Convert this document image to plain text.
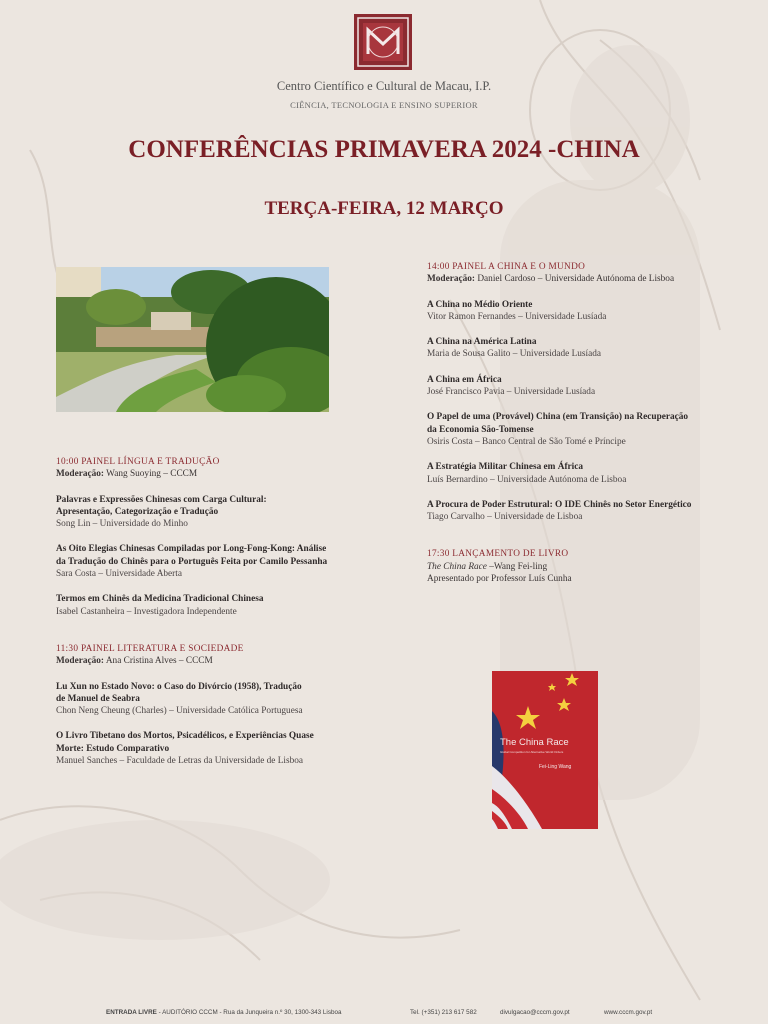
Centro Científico e Cultural de Macau, I.P.
CIÊNCIA, TECNOLOGIA E ENSINO SUPERIOR
CONFERÊNCIAS PRIMAVERA 2024 -CHINA
TERÇA-FEIRA, 12 MARÇO
10:00 PAINEL LÍNGUA E TRADUÇÃO
Moderação: Wang Suoying – CCCM
Palavras e Expressões Chinesas com Carga Cultural:
Apresentação, Categorização e Tradução
Song Lin – Universidade do Minho
As Oito Elegias Chinesas Compiladas por Long-Fong-Kong: Análise
da Tradução do Chinês para o Português Feita por Camilo Pessanha
Sara Costa – Universidade Aberta
Termos em Chinês da Medicina Tradicional Chinesa
Isabel Castanheira – Investigadora Independente
11:30 PAINEL LITERATURA E SOCIEDADE
Moderação: Ana Cristina Alves – CCCM
Lu Xun no Estado Novo: o Caso do Divórcio (1958), Tradução
de Manuel de Seabra
Chon Neng Cheung (Charles) – Universidade Católica Portuguesa
O Livro Tibetano dos Mortos, Psicadélicos, e Experiências Quase
Morte: Estudo Comparativo
Manuel Sanches – Faculdade de Letras da Universidade de Lisboa
14:00 PAINEL A CHINA E O MUNDO
Moderação: Daniel Cardoso – Universidade Autónoma de Lisboa
A China no Médio Oriente
Vitor Ramon Fernandes – Universidade Lusíada
A China na América Latina
Maria de Sousa Galito – Universidade Lusíada
A China em África
José Francisco Pavia – Universidade Lusíada
O Papel de uma (Provável) China (em Transição) na Recuperação
da Economia São-Tomense
Osiris Costa – Banco Central de São Tomé e Príncipe
A Estratégia Militar Chinesa em África
Luís Bernardino – Universidade Autónoma de Lisboa
A Procura de Poder Estrutural: O IDE Chinês no Setor Energético
Tiago Carvalho – Universidade de Lisboa
17:30 LANÇAMENTO DE LIVRO
The China Race –Wang Fei-ling
Apresentado por Professor Luís Cunha
The China Race
Global Competition for Alternative World Orders
Fei-Ling Wang
ENTRADA LIVRE - AUDITÓRIO CCCM - Rua da Junqueira n.º 30, 1300-343 Lisboa	Tel. (+351) 213 617 582	divulgacao@cccm.gov.pt	www.cccm.gov.pt
